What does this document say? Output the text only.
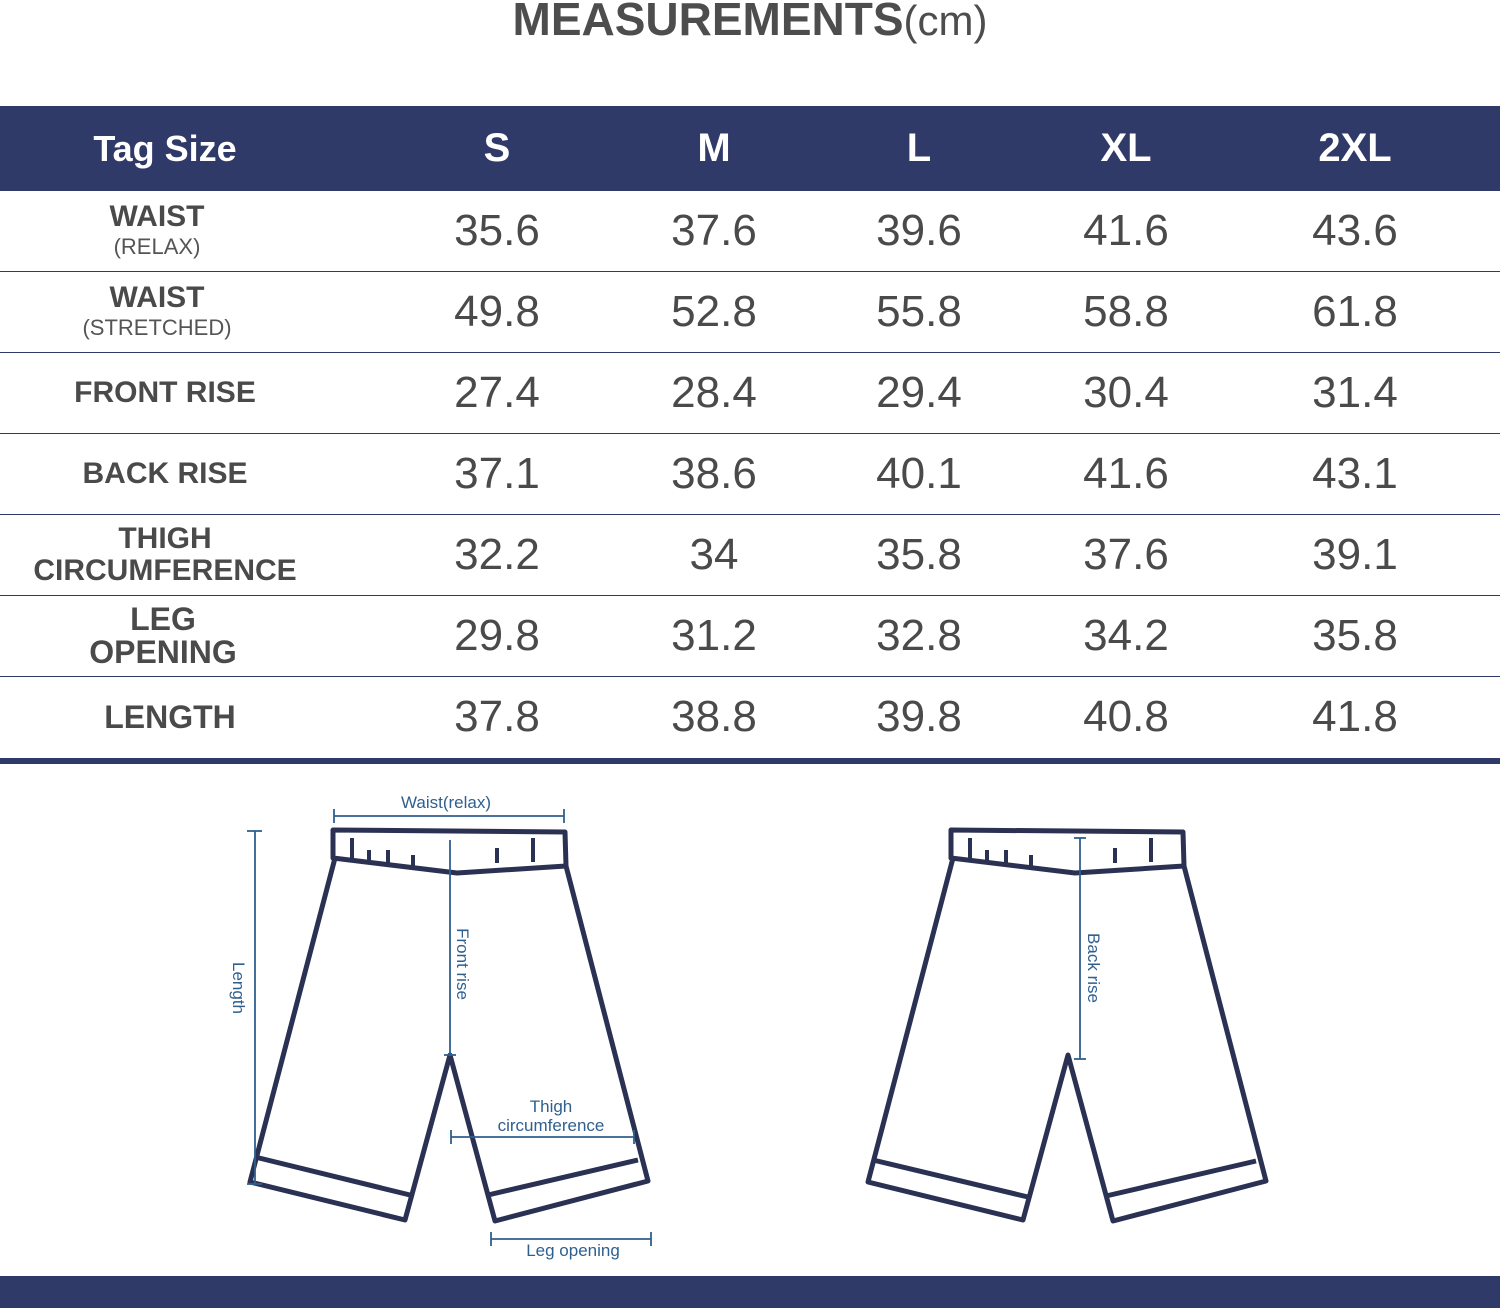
MEASUREMENTS(cm)
Tag Size	S	M	L	XL	2XL
WAIST
(RELAX)	35.6	37.6	39.6	41.6	43.6
WAIST
(STRETCHED)	49.8	52.8	55.8	58.8	61.8
FRONT RISE	27.4	28.4	29.4	30.4	31.4
BACK RISE	37.1	38.6	40.1	41.6	43.1
THIGH
CIRCUMFERENCE	32.2	34	35.8	37.6	39.1
LEG
OPENING	29.8	31.2	32.8	34.2	35.8
LENGTH	37.8	38.8	39.8	40.8	41.8
Waist(relax)
Length	Front rise
Thigh
circumference
Leg opening
Back rise
